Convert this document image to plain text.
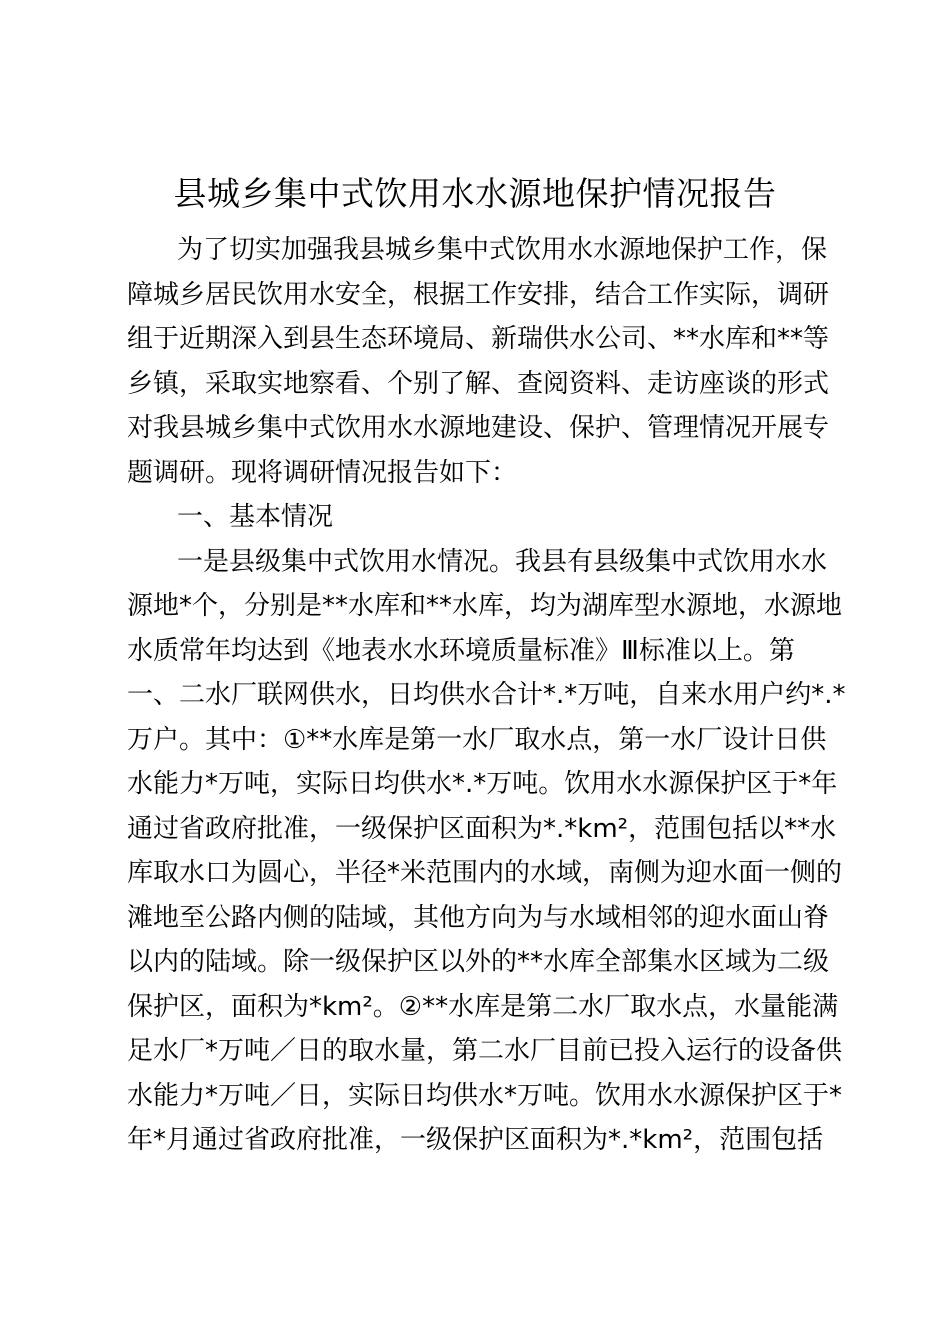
县城乡集中式饮用水水源地保护情况报告
为了切实加强我县城乡集中式饮用水水源地保护工作，保
障城乡居民饮用水安全，根据工作安排，结合工作实际，调研
组于近期深入到县生态环境局、新瑞供水公司、**水库和**等
乡镇，采取实地察看、个别了解、查阅资料、走访座谈的形式
对我县城乡集中式饮用水水源地建设、保护、管理情况开展专
题调研。现将调研情况报告如下：
一、基本情况
一是县级集中式饮用水情况。我县有县级集中式饮用水水
源地*个，分别是**水库和**水库，均为湖库型水源地，水源地
水质常年均达到《地表水水环境质量标准》Ⅲ标准以上。第
一、二水厂联网供水，日均供水合计*.*万吨，自来水用户约*.*
万户。其中：①**水库是第一水厂取水点，第一水厂设计日供
水能力*万吨，实际日均供水*.*万吨。饮用水水源保护区于*年
通过省政府批准，一级保护区面积为*.*km²，范围包括以**水
库取水口为圆心，半径*米范围内的水域，南侧为迎水面一侧的
滩地至公路内侧的陆域，其他方向为与水域相邻的迎水面山脊
以内的陆域。除一级保护区以外的**水库全部集水区域为二级
保护区，面积为*km²。②**水库是第二水厂取水点，水量能满
足水厂*万吨／日的取水量，第二水厂目前已投入运行的设备供
水能力*万吨／日，实际日均供水*万吨。饮用水水源保护区于*
年*月通过省政府批准，一级保护区面积为*.*km²，范围包括
